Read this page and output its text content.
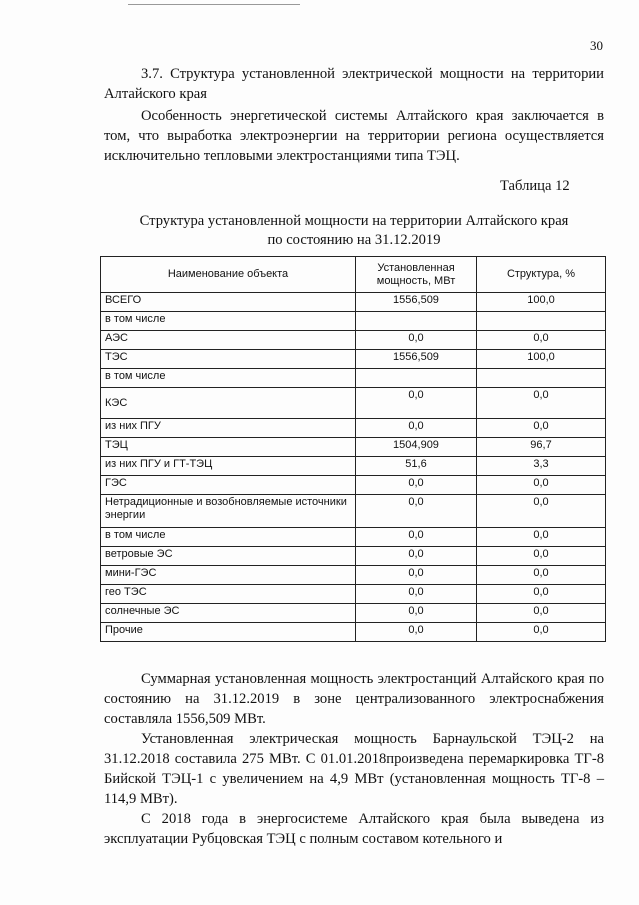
30

3.7. Структура установленной электрической мощности на территории Алтайского края

Особенность энергетической системы Алтайского края заключается в том, что выработка электроэнергии на территории региона осуществляется исключительно тепловыми электростанциями типа ТЭЦ.

Таблица 12
Структура установленной мощности на территории Алтайского края
по состоянию на 31.12.2019
Наименование объекта	Установленная мощность, МВт	Структура, %
ВСЕГО	1556,509	100,0
в том числе		
АЭС	0,0	0,0
ТЭС	1556,509	100,0
в том числе		
КЭС	0,0	0,0
из них ПГУ	0,0	0,0
ТЭЦ	1504,909	96,7
из них ПГУ и ГТ-ТЭЦ	51,6	3,3
ГЭС	0,0	0,0
Нетрадиционные и возобновляемые источники энергии	0,0	0,0
в том числе	0,0	0,0
ветровые ЭС	0,0	0,0
мини-ГЭС	0,0	0,0
гео ТЭС	0,0	0,0
солнечные ЭС	0,0	0,0
Прочие	0,0	0,0

Суммарная установленная мощность электростанций Алтайского края по состоянию на 31.12.2019 в зоне централизованного электроснабжения составляла 1556,509 МВт.

Установленная электрическая мощность Барнаульской ТЭЦ-2 на 31.12.2018 составила 275 МВт. С 01.01.2018произведена перемаркировка ТГ-8 Бийской ТЭЦ-1 с увеличением на 4,9 МВт (установленная мощность ТГ-8 – 114,9 МВт).

С 2018 года в энергосистеме Алтайского края была выведена из эксплуатации Рубцовская ТЭЦ с полным составом котельного и
